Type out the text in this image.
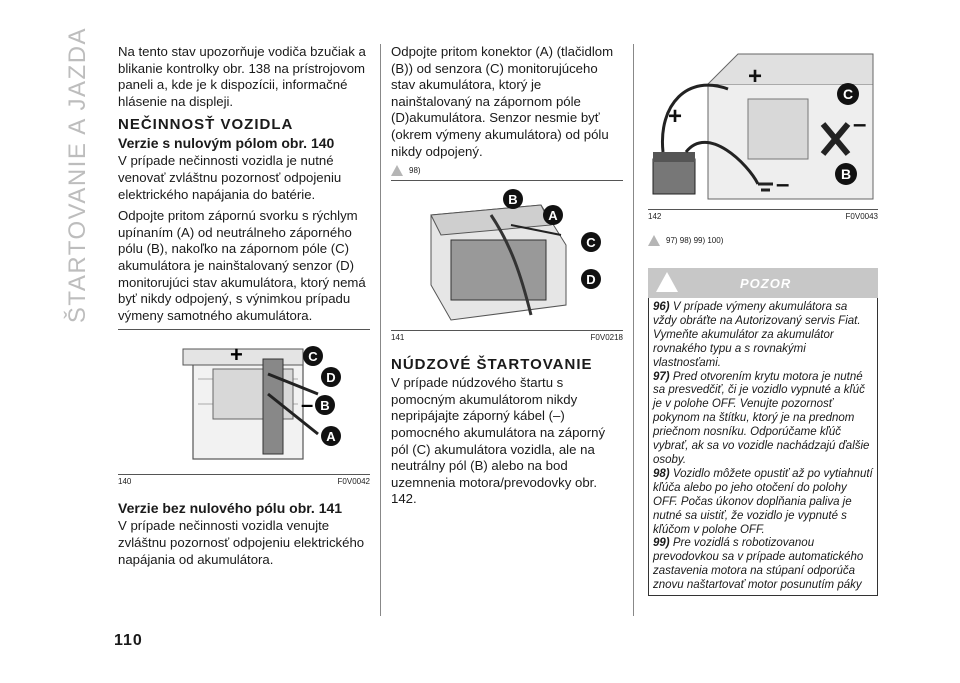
ŠTARTOVANIE A JAZDA
110

Na tento stav upozorňuje vodiča bzučiak a blikanie kontrolky obr. 138 na prístrojovom paneli a, kde je k dispozícii, informačné hlásenie na displeji.

NEČINNOSŤ VOZIDLA
Verzie s nulovým pólom obr. 140

V prípade nečinnosti vozidla je nutné venovať zvláštnu pozornosť odpojeniu elektrického napájania do batérie.

Odpojte pritom zápornú svorku s rýchlym upínaním (A) od neutrálneho záporného pólu (B), nakoľko na zápornom póle (C) akumulátora je nainštalovaný senzor (D) monitorujúci stav akumulátora, ktorý nemá byť nikdy odpojený, s výnimkou prípadu výmeny samotného akumulátora.

+
–
C
D
B
A
140	F0V0042
Verzie bez nulového pólu obr. 141

V prípade nečinnosti vozidla venujte zvláštnu pozornosť odpojeniu elektrického napájania od akumulátora.

Odpojte pritom konektor (A) (tlačidlom (B)) od senzora (C) monitorujúceho stav akumulátora, ktorý je nainštalovaný na zápornom póle (D)akumulátora. Senzor nesmie byť (okrem výmeny akumulátora) od pólu nikdy odpojený.

98)
B
A
C
D
141	F0V0218
NÚDZOVÉ ŠTARTOVANIE

V prípade núdzového štartu s pomocným akumulátorom nikdy nepripájajte záporný kábel (–) pomocného akumulátora na záporný pól (C) akumulátora vozidla, ale na neutrálny pól (B) alebo na bod uzemnenia motora/prevodovky obr. 142.

+
+
–
–
C
B
142	F0V0043
97) 98) 99) 100)
POZOR

96) V prípade výmeny akumulátora sa vždy obráťte na Autorizovaný servis Fiat. Vymeňte akumulátor za akumulátor rovnakého typu a s rovnakými vlastnosťami.

97) Pred otvorením krytu motora je nutné sa presvedčiť, či je vozidlo vypnuté a kľúč je v polohe OFF. Venujte pozornosť pokynom na štítku, ktorý je na prednom priečnom nosníku. Odporúčame kľúč vybrať, ak sa vo vozidle nachádzajú ďalšie osoby.

98) Vozidlo môžete opustiť až po vytiahnutí kľúča alebo po jeho otočení do polohy OFF. Počas úkonov doplňania paliva je nutné sa uistiť, že vozidlo je vypnuté s kľúčom v polohe OFF.

99) Pre vozidlá s robotizovanou prevodovkou sa v prípade automatického zastavenia motora na stúpaní odporúča znovu naštartovať motor posunutím páky
